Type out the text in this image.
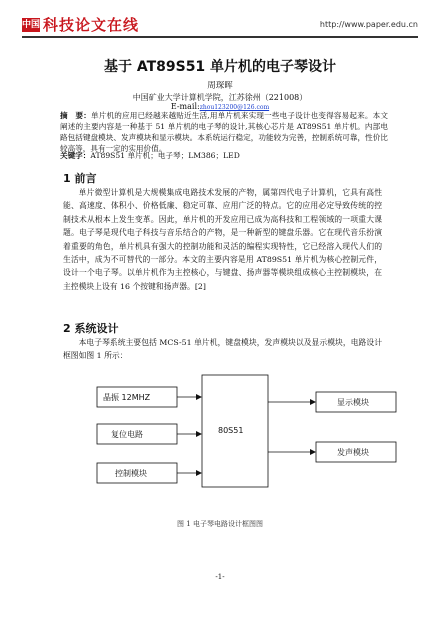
中国 科技论文在线	http://www.paper.edu.cn
基于 AT89S51 单片机的电子琴设计
周琛晖
中国矿业大学计算机学院，江苏徐州（221008）
E-mail:zhou123200@126.com
摘　要：单片机的应用已经越来越贴近生活,用单片机来实现一些电子设计也变得容易起来。本文阐述的主要内容是一种基于 51 单片机的电子琴的设计,其核心芯片是 AT89S51 单片机。内部电路包括键盘模块、发声模块和显示模块。本系统运行稳定，功能较为完善，控制系统可靠，性价比较高等，具有一定的实用价值。
关键字：AT89S51 单片机；电子琴；LM386；LED
1 前言
单片微型计算机是大规模集成电路技术发展的产物，属第四代电子计算机，它具有高性能、高速度、体积小、价格低廉、稳定可靠、应用广泛的特点。它的应用必定导致传统的控制技术从根本上发生变革。因此，单片机的开发应用已成为高科技和工程领域的一项重大课题。电子琴是现代电子科技与音乐结合的产物，是一种新型的键盘乐器。它在现代音乐扮演着重要的角色，单片机具有强大的控制功能和灵活的编程实现特性，它已经溶入现代人们的生活中，成为不可替代的一部分。本文的主要内容是用 AT89S51 单片机为核心控制元件，设计一个电子琴。以单片机作为主控核心，与键盘、扬声器等模块组成核心主控制模块，在主控模块上设有 16 个按键和扬声器。[2]
2 系统设计
本电子琴系统主要包括 MCS-51 单片机，键盘模块，发声模块以及显示模块，电路设计框图如图 1 所示：
晶振 12MHZ
复位电路
控制模块
80S51
显示模块
发声模块
图 1 电子琴电路设计框图图
-1-
